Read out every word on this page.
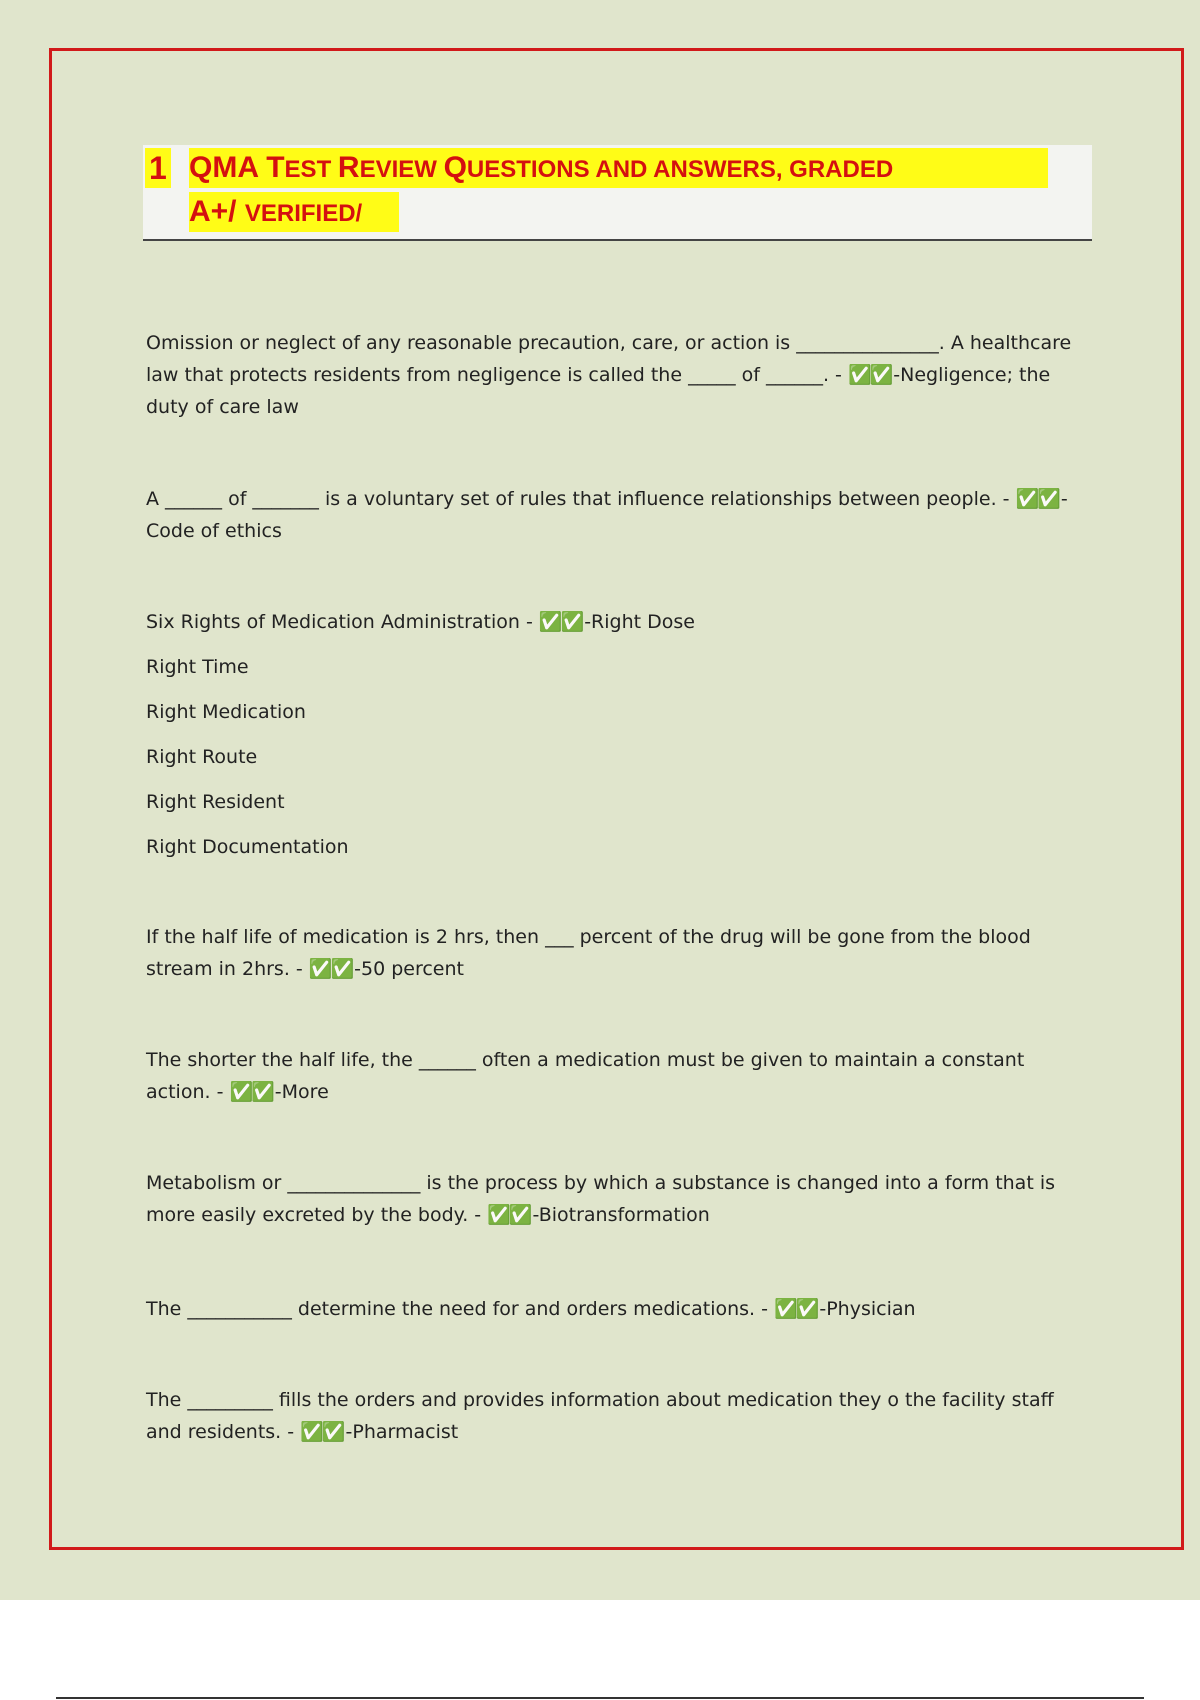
1 QMA TEST REVIEW QUESTIONS AND ANSWERS, GRADED
A+/ VERIFIED/

Omission or neglect of any reasonable precaution, care, or action is _______________. A healthcare law that protects residents from negligence is called the _____ of ______. - ✅✅ -Negligence; the duty of care law

A ______ of _______ is a voluntary set of rules that influence relationships between people. - ✅✅ -Code of ethics

Six Rights of Medication Administration - ✅✅ -Right Dose

Right Time

Right Medication

Right Route

Right Resident

Right Documentation

If the half life of medication is 2 hrs, then ___ percent of the drug will be gone from the blood stream in 2hrs. - ✅✅ -50 percent

The shorter the half life, the ______ often a medication must be given to maintain a constant action. - ✅✅ -More

Metabolism or ______________ is the process by which a substance is changed into a form that is more easily excreted by the body. - ✅✅ -Biotransformation

The ___________ determine the need for and orders medications. - ✅✅ -Physician

The _________ fills the orders and provides information about medication they o the facility staff and residents. - ✅✅ -Pharmacist
